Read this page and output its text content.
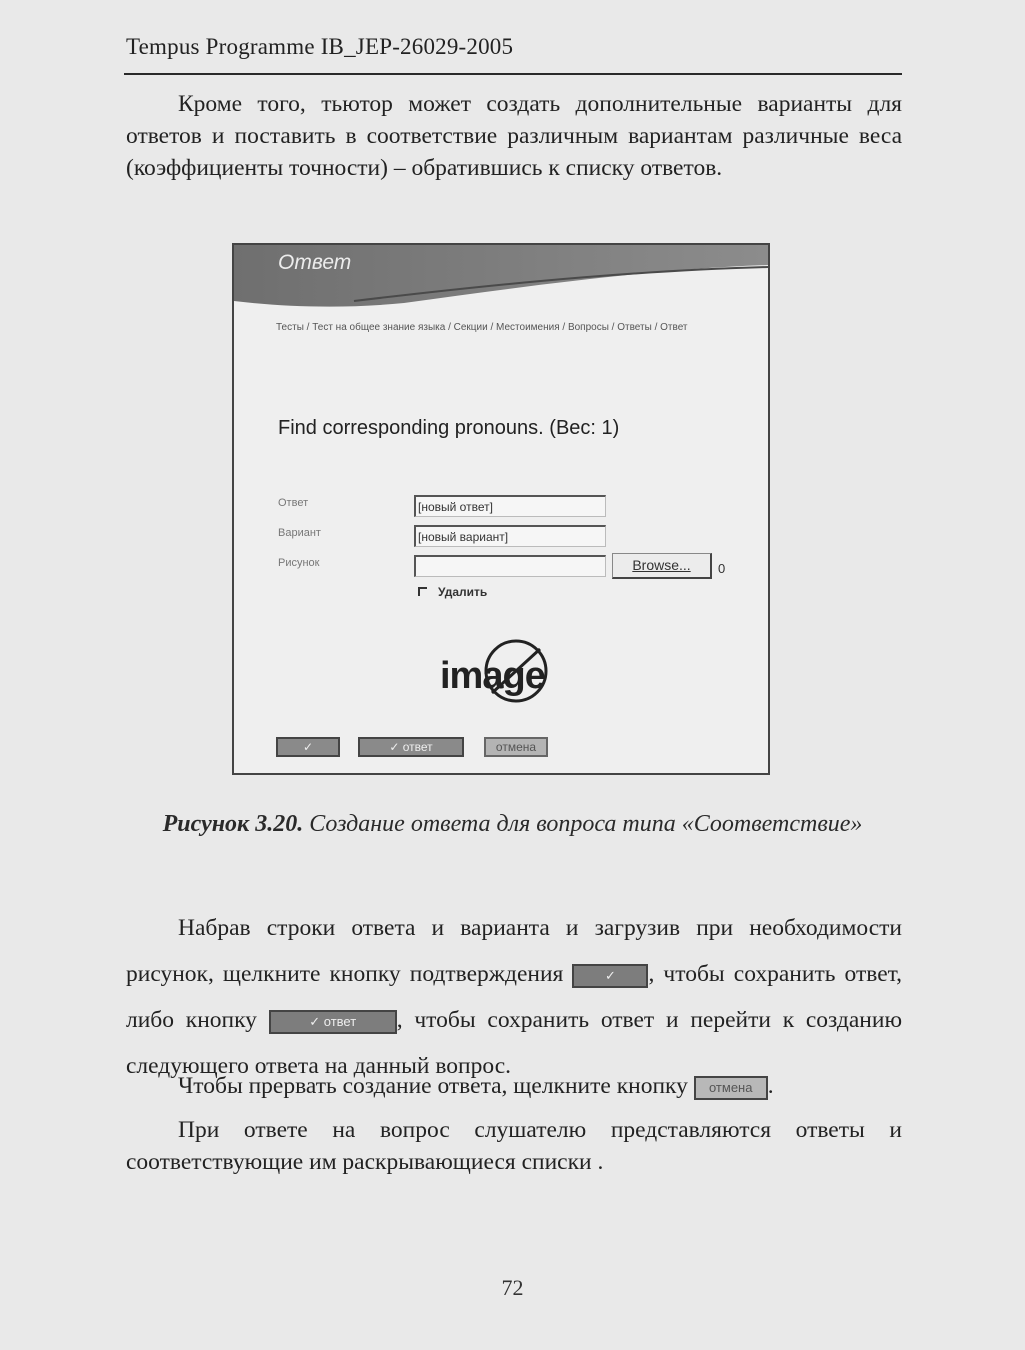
Tempus Programme IB_JEP-26029-2005
Кроме того, тьютор может создать дополнительные варианты для ответов и поставить в соответствие различным вариантам различные веса (коэффициенты точности) – обратившись к списку ответов.
Ответ
Тесты / Тест на общее знание языка / Секции / Местоимения / Вопросы / Ответы / Ответ
Find corresponding pronouns. (Вес: 1)
Ответ	[новый ответ]
Вариант	[новый вариант]
Рисунок	Browse...	0
Удалить
image
✓	✓ ответ	отмена
Рисунок 3.20. Создание ответа для вопроса типа «Соответствие»
Набрав строки ответа и варианта и загрузив при необходимости рисунок, щелкните кнопку подтверждения	✓ , чтобы сохранить ответ, либо кнопку	✓ ответ , чтобы сохранить ответ и перейти к созданию следующего ответа на данный вопрос.
Чтобы прервать создание ответа, щелкните кнопку отмена .
При ответе на вопрос слушателю представляются ответы и соответствующие им раскрывающиеся списки .
72
